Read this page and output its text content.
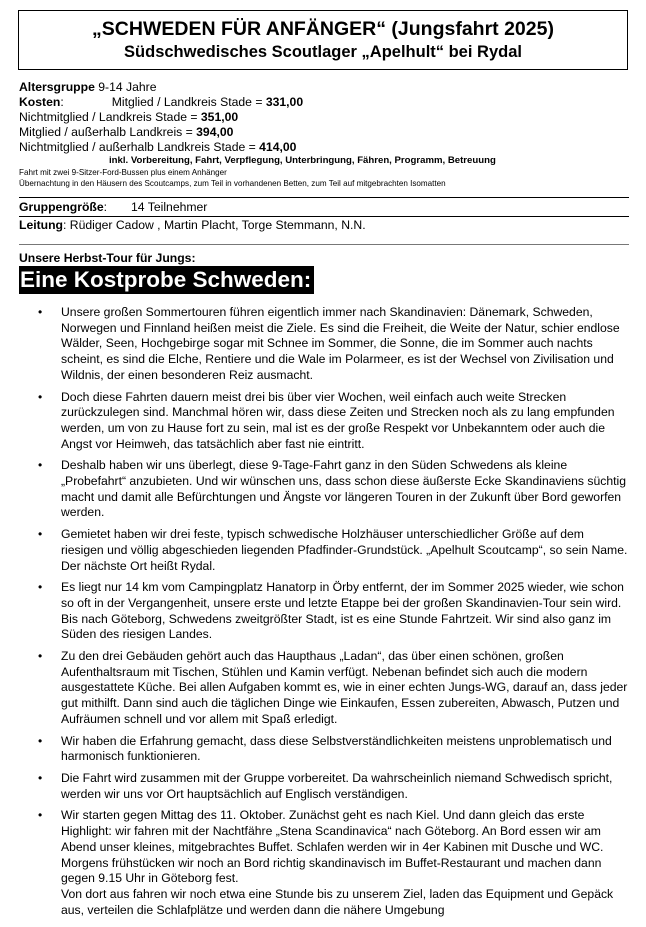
„SCHWEDEN FÜR ANFÄNGER“ (Jungsfahrt 2025)
Südschwedisches Scoutlager „Apelhult“ bei Rydal
Altersgruppe 9-14 Jahre
Kosten:	Mitglied / Landkreis Stade = 331,00
Nichtmitglied / Landkreis Stade = 351,00
Mitglied / außerhalb Landkreis = 394,00
Nichtmitglied / außerhalb Landkreis Stade = 414,00
inkl. Vorbereitung, Fahrt, Verpflegung, Unterbringung, Fähren, Programm, Betreuung
Fahrt mit zwei 9-Sitzer-Ford-Bussen plus einem Anhänger
Übernachtung in den Häusern des Scoutcamps, zum Teil in vorhandenen Betten, zum Teil auf mitgebrachten Isomatten
Gruppengröße: 14 Teilnehmer
Leitung: Rüdiger Cadow , Martin Placht, Torge Stemmann, N.N.
Unsere Herbst-Tour für Jungs:
Eine Kostprobe Schweden:
• Unsere großen Sommertouren führen eigentlich immer nach Skandinavien: Dänemark, Schweden, Norwegen und Finnland heißen meist die Ziele. Es sind die Freiheit, die Weite der Natur, schier endlose Wälder, Seen, Hochgebirge sogar mit Schnee im Sommer, die Sonne, die im Sommer auch nachts scheint, es sind die Elche, Rentiere und die Wale im Polarmeer, es ist der Wechsel von Zivilisation und Wildnis, der einen besonderen Reiz ausmacht.
• Doch diese Fahrten dauern meist drei bis über vier Wochen, weil einfach auch weite Strecken zurückzulegen sind. Manchmal hören wir, dass diese Zeiten und Strecken noch als zu lang empfunden werden, um von zu Hause fort zu sein, mal ist es der große Respekt vor Unbekanntem oder auch die Angst vor Heimweh, das tatsächlich aber fast nie eintritt.
• Deshalb haben wir uns überlegt, diese 9-Tage-Fahrt ganz in den Süden Schwedens als kleine „Probefahrt“ anzubieten. Und wir wünschen uns, dass schon diese äußerste Ecke Skandinaviens süchtig macht und damit alle Befürchtungen und Ängste vor längeren Touren in der Zukunft über Bord geworfen werden.
• Gemietet haben wir drei feste, typisch schwedische Holzhäuser unterschiedlicher Größe auf dem riesigen und völlig abgeschieden liegenden Pfadfinder-Grundstück. „Apelhult Scoutcamp“, so sein Name. Der nächste Ort heißt Rydal.
• Es liegt nur 14 km vom Campingplatz Hanatorp in Örby entfernt, der im Sommer 2025 wieder, wie schon so oft in der Vergangenheit, unsere erste und letzte Etappe bei der großen Skandinavien-Tour sein wird. Bis nach Göteborg, Schwedens zweitgrößter Stadt, ist es eine Stunde Fahrtzeit. Wir sind also ganz im Süden des riesigen Landes.
• Zu den drei Gebäuden gehört auch das Haupthaus „Ladan“, das über einen schönen, großen Aufenthaltsraum mit Tischen, Stühlen und Kamin verfügt. Nebenan befindet sich auch die modern ausgestattete Küche. Bei allen Aufgaben kommt es, wie in einer echten Jungs-WG, darauf an, dass jeder gut mithilft. Dann sind auch die täglichen Dinge wie Einkaufen, Essen zubereiten, Abwasch, Putzen und Aufräumen schnell und vor allem mit Spaß erledigt.
• Wir haben die Erfahrung gemacht, dass diese Selbstverständlichkeiten meistens unproblematisch und harmonisch funktionieren.
• Die Fahrt wird zusammen mit der Gruppe vorbereitet. Da wahrscheinlich niemand Schwedisch spricht, werden wir uns vor Ort hauptsächlich auf Englisch verständigen.
• Wir starten gegen Mittag des 11. Oktober. Zunächst geht es nach Kiel. Und dann gleich das erste Highlight: wir fahren mit der Nachtfähre „Stena Scandinavica“ nach Göteborg. An Bord essen wir am Abend unser kleines, mitgebrachtes Buffet. Schlafen werden wir in 4er Kabinen mit Dusche und WC. Morgens frühstücken wir noch an Bord richtig skandinavisch im Buffet-Restaurant und machen dann gegen 9.15 Uhr in Göteborg fest.
Von dort aus fahren wir noch etwa eine Stunde bis zu unserem Ziel, laden das Equipment und Gepäck aus, verteilen die Schlafplätze und werden dann die nähere Umgebung
